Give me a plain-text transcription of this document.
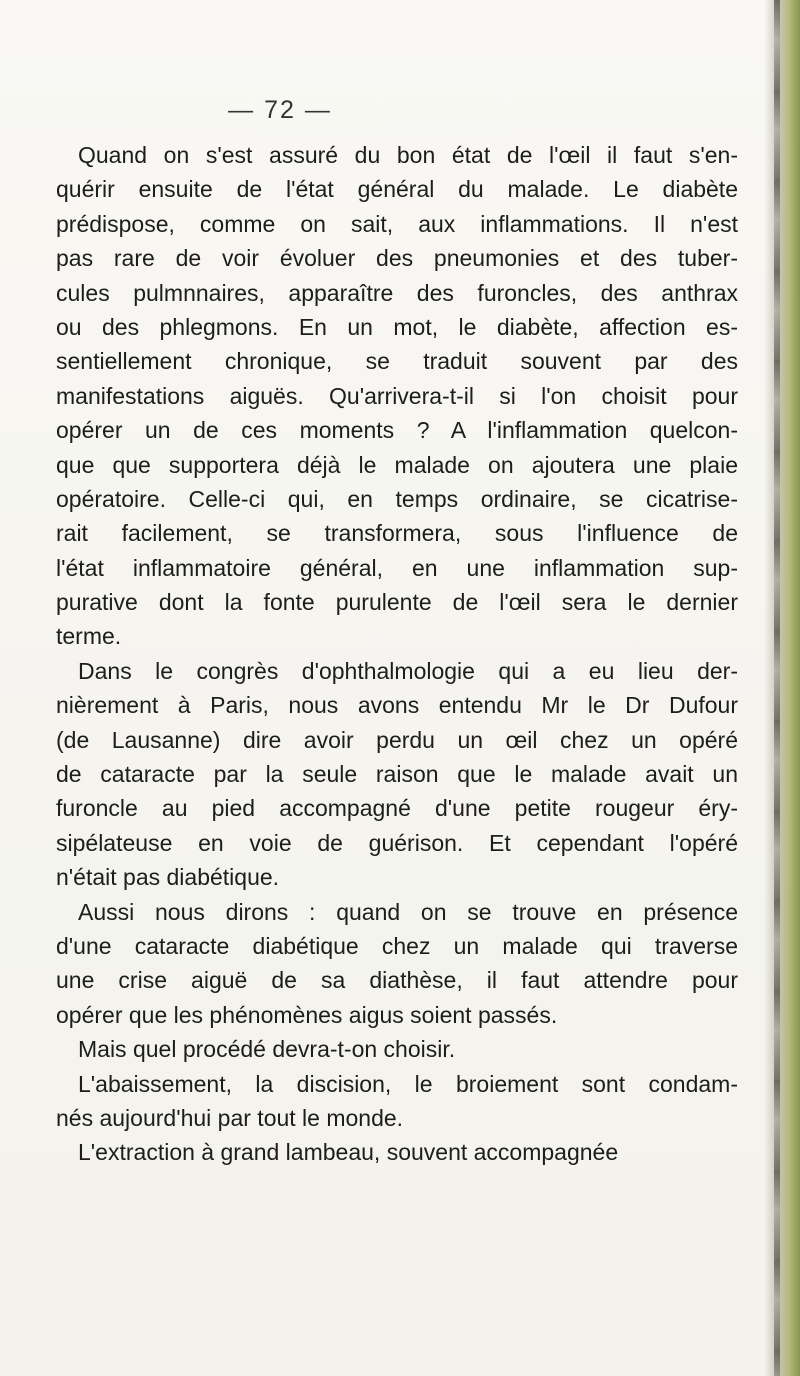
— 72 —
Quand on s'est assuré du bon état de l'œil il faut s'en-
quérir ensuite de l'état général du malade. Le diabète
prédispose, comme on sait, aux inflammations. Il n'est
pas rare de voir évoluer des pneumonies et des tuber-
cules pulmnnaires, apparaître des furoncles, des anthrax
ou des phlegmons. En un mot, le diabète, affection es-
sentiellement chronique, se traduit souvent par des
manifestations aiguës. Qu'arrivera-t-il si l'on choisit pour
opérer un de ces moments ? A l'inflammation quelcon-
que que supportera déjà le malade on ajoutera une plaie
opératoire. Celle-ci qui, en temps ordinaire, se cicatrise-
rait facilement, se transformera, sous l'influence de
l'état inflammatoire général, en une inflammation sup-
purative dont la fonte purulente de l'œil sera le dernier
terme.
Dans le congrès d'ophthalmologie qui a eu lieu der-
nièrement à Paris, nous avons entendu Mr le Dr Dufour
(de Lausanne) dire avoir perdu un œil chez un opéré
de cataracte par la seule raison que le malade avait un
furoncle au pied accompagné d'une petite rougeur éry-
sipélateuse en voie de guérison. Et cependant l'opéré
n'était pas diabétique.
Aussi nous dirons : quand on se trouve en présence
d'une cataracte diabétique chez un malade qui traverse
une crise aiguë de sa diathèse, il faut attendre pour
opérer que les phénomènes aigus soient passés.
Mais quel procédé devra-t-on choisir.
L'abaissement, la discision, le broiement sont condam-
nés aujourd'hui par tout le monde.
L'extraction à grand lambeau, souvent accompagnée
